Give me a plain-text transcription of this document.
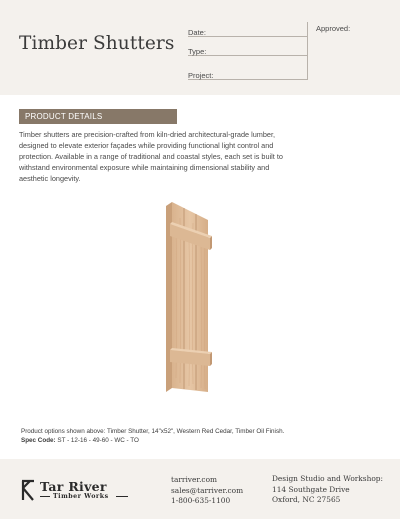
Timber Shutters
Date:
Type:
Project:
Approved:
PRODUCT DETAILS
Timber shutters are precision-crafted from kiln-dried architectural-grade lumber, designed to elevate exterior façades while providing functional light control and protection. Available in a range of traditional and coastal styles, each set is built to withstand environmental exposure while maintaining dimensional stability and aesthetic longevity.
Product options shown above: Timber Shutter, 14"x52", Western Red Cedar, Timber Oil Finish.
Spec Code: ST - 12-16 - 49-60 - WC - TO
Tar River
Timber Works
tarriver.com
sales@tarriver.com
1-800-635-1100
Design Studio and Workshop:
114 Southgate Drive
Oxford, NC 27565
